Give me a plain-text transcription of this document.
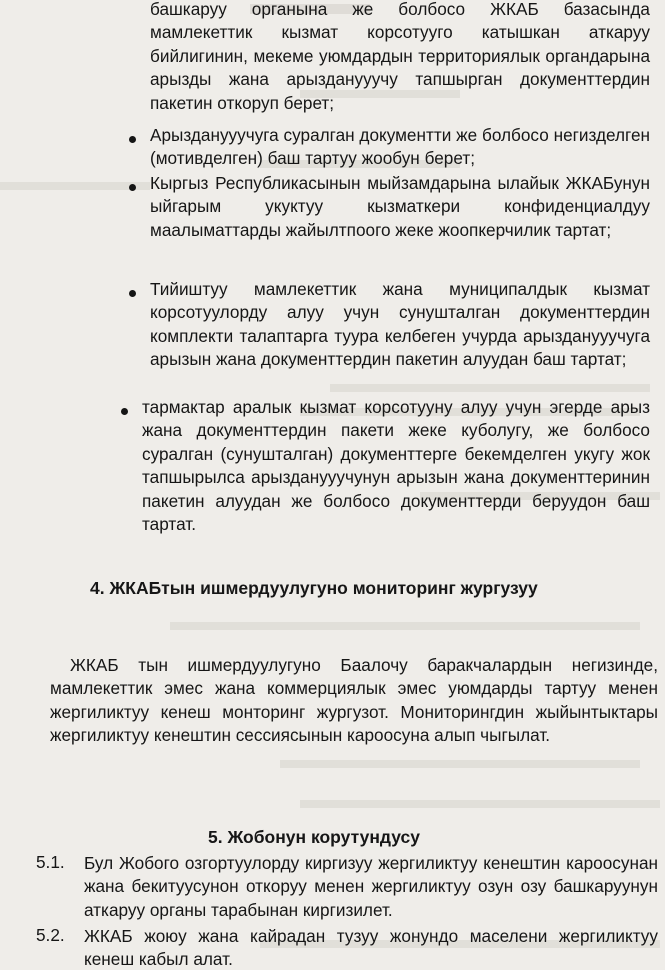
башкаруу органына же болбосо ЖКАБ базасында мамлекеттик кызмат корсотууго катышкан аткаруу бийлигинин, мекеме уюмдардын территориялык органдарына арызды жана арызданууучу тапшырган документтердин пакетин откоруп берет;
Арызданууучуга суралган документти же болбосо негизделген (мотивделген) баш тартуу жообун берет;
Кыргыз Республикасынын мыйзамдарына ылайык ЖКАБунун ыйгарым укуктуу кызматкери конфиденциалдуу маалыматтарды жайылтпоого жеке жоопкерчилик тартат;
Тийиштуу мамлекеттик жана муниципалдык кызмат корсотуулорду алуу учун сунушталган документтердин комплекти талаптарга туура келбеген учурда арызданууучуга арызын жана документтердин пакетин алуудан баш тартат;
тармактар аралык кызмат корсотууну алуу учун эгерде арыз жана документтердин пакети жеке куболугу, же болбосо суралган (сунушталган) документтерге бекемделген укугу жок тапшырылса арызданууучунун арызын жана документтеринин пакетин алуудан же болбосо документтерди беруудон баш тартат.
4. ЖКАБтын ишмердуулугуно мониторинг жургузуу
ЖКАБ тын ишмердуулугуно Баалочу баракчалардын негизинде, мамлекеттик эмес жана коммерциялык эмес уюмдарды тартуу менен жергиликтуу кенеш монторинг жургузот. Мониторингдин жыйынтыктары жергиликтуу кенештин сессиясынын кароосуна алып чыгылат.
5. Жобонун корутундусу
5.1. Бул Жобого озгортуулорду киргизуу жергиликтуу кенештин кароосунан жана бекитуусунон откоруу менен жергиликтуу озун озу башкаруунун аткаруу органы тарабынан киргизилет.
5.2. ЖКАБ жоюу жана кайрадан тузуу жонундо маселени жергиликтуу кенеш кабыл алат.
